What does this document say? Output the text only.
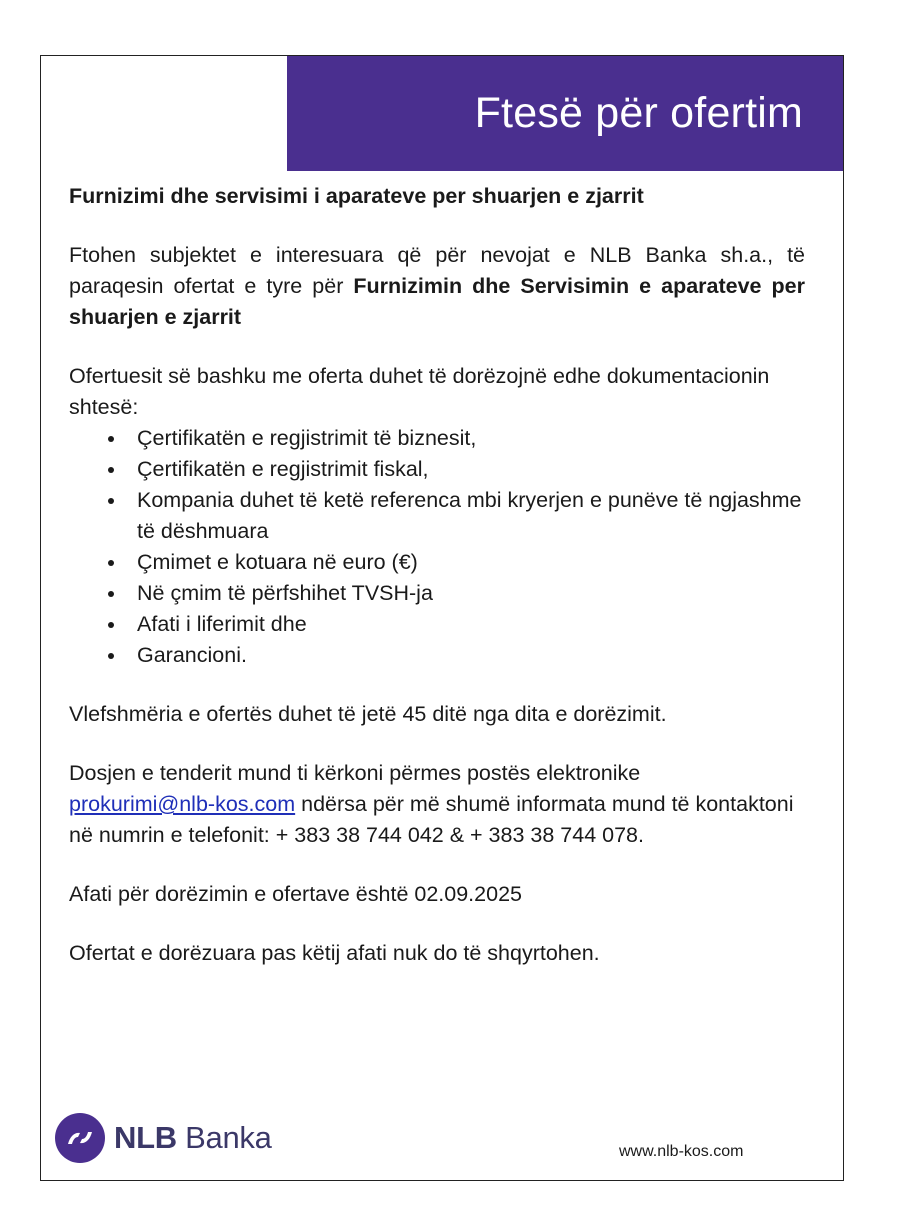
Ftesë për ofertim

Furnizimi dhe servisimi i aparateve per shuarjen e zjarrit

Ftohen subjektet e interesuara që për nevojat e NLB Banka sh.a., të paraqesin ofertat e tyre për Furnizimin dhe Servisimin e aparateve per shuarjen e zjarrit

Ofertuesit së bashku me oferta duhet të dorëzojnë edhe dokumentacionin shtesë:

Çertifikatën e regjistrimit të biznesit,
Çertifikatën e regjistrimit fiskal,
Kompania duhet të ketë referenca mbi kryerjen e punëve të ngjashme të dëshmuara
Çmimet e kotuara në euro (€)
Në çmim të përfshihet TVSH-ja
Afati i liferimit dhe
Garancioni.

Vlefshmëria e ofertës duhet të jetë 45 ditë nga dita e dorëzimit.

Dosjen e tenderit mund ti kërkoni përmes postës elektronike
prokurimi@nlb-kos.com ndërsa për më shumë informata mund të kontaktoni në numrin e telefonit: + 383 38 744 042 & + 383 38 744 078.

Afati për dorëzimin e ofertave është 02.09.2025

Ofertat e dorëzuara pas këtij afati nuk do të shqyrtohen.

NLB Banka	www.nlb-kos.com
